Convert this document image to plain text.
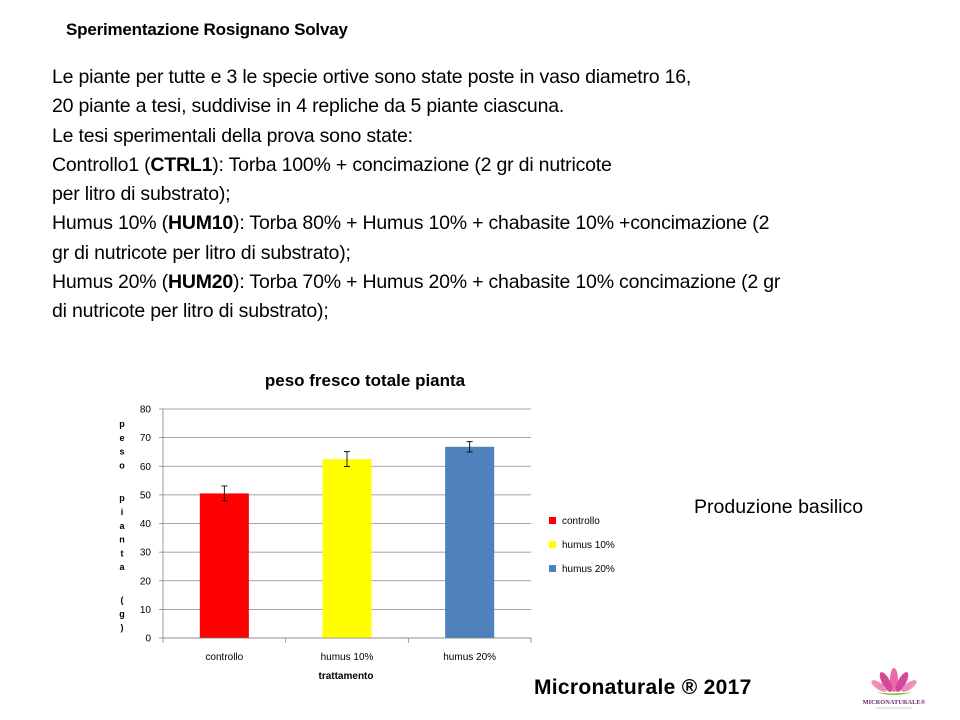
Sperimentazione Rosignano Solvay

Le piante per tutte e 3 le specie ortive sono state poste in vaso diametro 16,

20 piante a tesi, suddivise in 4 repliche da 5 piante ciascuna.

Le tesi sperimentali della prova sono state:

Controllo1 (CTRL1): Torba 100% + concimazione (2 gr di nutricote

per litro di substrato);

Humus 10% (HUM10): Torba 80% + Humus 10% + chabasite 10% +concimazione (2

gr di nutricote per litro di substrato);

Humus 20% (HUM20): Torba 70% + Humus 20% + chabasite 10% concimazione (2 gr

di nutricote per litro di substrato);

peso fresco totale pianta
0
10
20
30
40
50
60
70
80
controllo	humus 10%	humus 20%
p
e
s
o
p
i
a
n
t
a
(
g
)
trattamento
controllo
humus 10%
humus 20%
Produzione basilico
Micronaturale ® 2017
MICRONATURALE®
